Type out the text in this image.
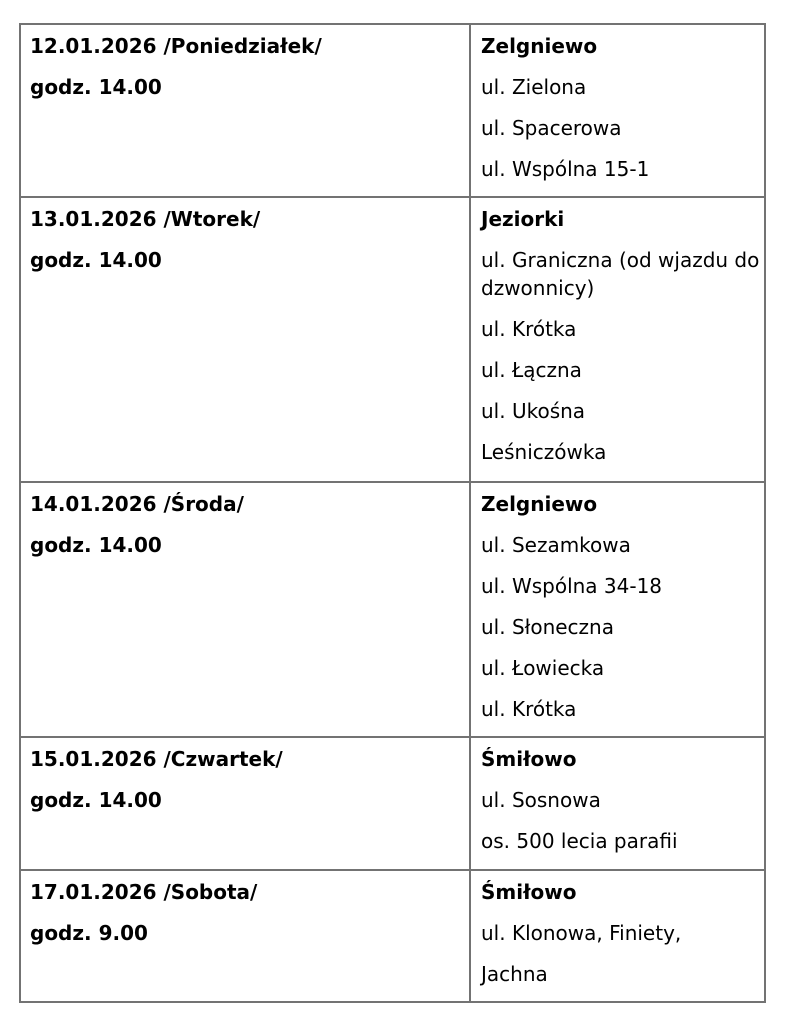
12.01.2026 /Poniedziałek/

godz. 14.00

Zelgniewo

ul. Zielona

ul. Spacerowa

ul. Wspólna 15-1

13.01.2026 /Wtorek/

godz. 14.00

Jeziorki

ul. Graniczna (od wjazdu do dzwonnicy)

ul. Krótka

ul. Łączna

ul. Ukośna

Leśniczówka

14.01.2026 /Środa/

godz. 14.00

Zelgniewo

ul. Sezamkowa

ul. Wspólna 34-18

ul. Słoneczna

ul. Łowiecka

ul. Krótka

15.01.2026 /Czwartek/

godz. 14.00

Śmiłowo

ul. Sosnowa

os. 500 lecia parafii

17.01.2026 /Sobota/

godz. 9.00

Śmiłowo

ul. Klonowa, Finiety,

Jachna
